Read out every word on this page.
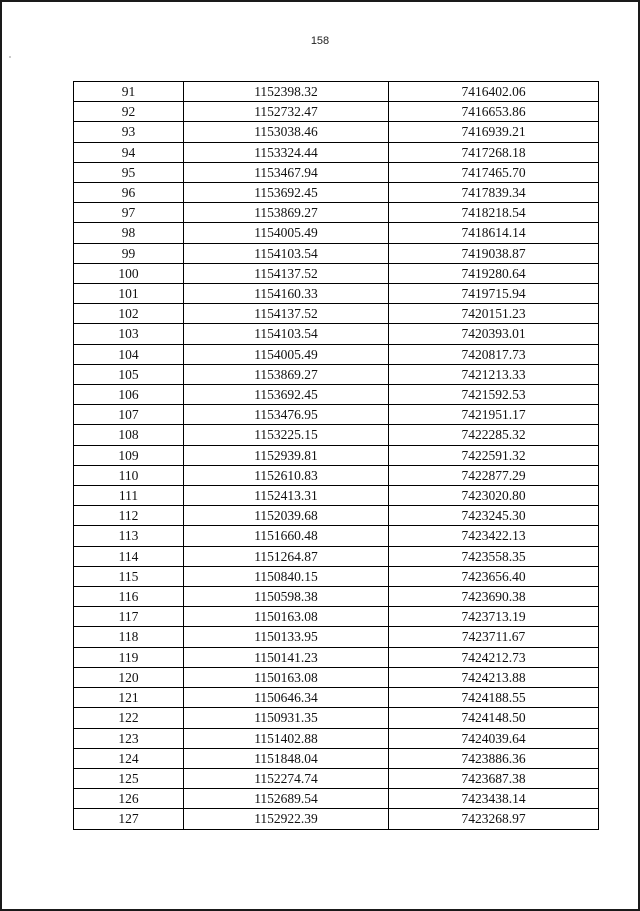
158
91	1152398.32	7416402.06
92	1152732.47	7416653.86
93	1153038.46	7416939.21
94	1153324.44	7417268.18
95	1153467.94	7417465.70
96	1153692.45	7417839.34
97	1153869.27	7418218.54
98	1154005.49	7418614.14
99	1154103.54	7419038.87
100	1154137.52	7419280.64
101	1154160.33	7419715.94
102	1154137.52	7420151.23
103	1154103.54	7420393.01
104	1154005.49	7420817.73
105	1153869.27	7421213.33
106	1153692.45	7421592.53
107	1153476.95	7421951.17
108	1153225.15	7422285.32
109	1152939.81	7422591.32
110	1152610.83	7422877.29
111	1152413.31	7423020.80
112	1152039.68	7423245.30
113	1151660.48	7423422.13
114	1151264.87	7423558.35
115	1150840.15	7423656.40
116	1150598.38	7423690.38
117	1150163.08	7423713.19
118	1150133.95	7423711.67
119	1150141.23	7424212.73
120	1150163.08	7424213.88
121	1150646.34	7424188.55
122	1150931.35	7424148.50
123	1151402.88	7424039.64
124	1151848.04	7423886.36
125	1152274.74	7423687.38
126	1152689.54	7423438.14
127	1152922.39	7423268.97
